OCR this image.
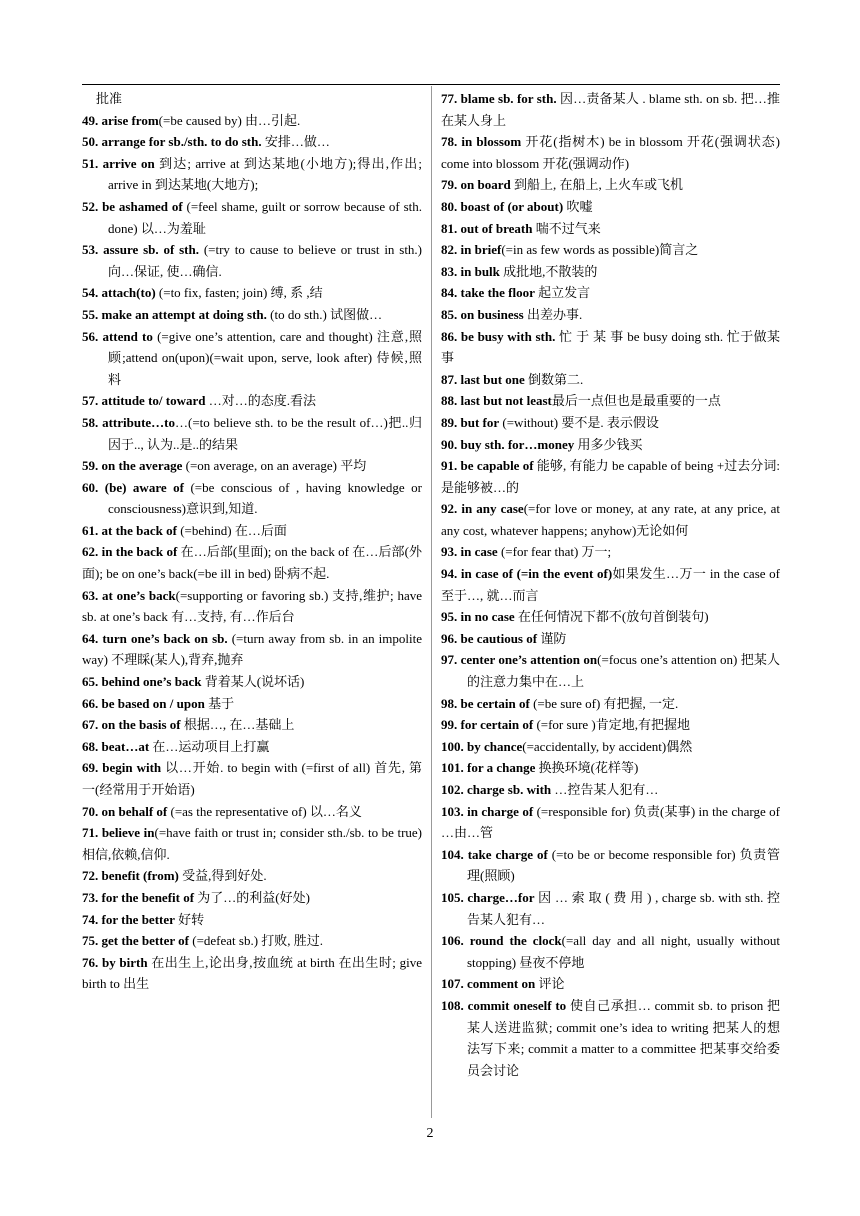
批准
49. arise from(=be caused by) 由…引起.
50. arrange for sb./sth. to do sth. 安排…做…
51. arrive on 到达; arrive at 到达某地(小地方);得出,作出; arrive in 到达某地(大地方);
52. be ashamed of (=feel shame, guilt or sorrow because of sth. done) 以…为羞耻
53. assure sb. of sth. (=try to cause to believe or trust in sth.) 向…保证, 使…确信.
54. attach(to) (=to fix, fasten; join) 缚, 系 ,结
55. make an attempt at doing sth. (to do sth.) 试图做…
56. attend to (=give one’s attention, care and thought) 注意,照顾;attend on(upon)(=wait upon, serve, look after) 侍候,照料
57. attitude to/ toward …对…的态度.看法
58. attribute…to…(=to believe sth. to be the result of…)把..归因于.., 认为..是..的结果
59. on the average (=on average, on an average) 平均
60. (be) aware of (=be conscious of , having knowledge or consciousness)意识到,知道.
61. at the back of (=behind) 在…后面
62. in the back of 在…后部(里面); on the back of 在…后部(外面); be on one’s back(=be ill in bed) 卧病不起.
63. at one’s back(=supporting or favoring sb.) 支持,维护; have sb. at one’s back 有…支持, 有…作后台
64. turn one’s back on sb. (=turn away from sb. in an impolite way) 不理睬(某人),背弃,抛弃
65. behind one’s back 背着某人(说坏话)
66. be based on / upon 基于
67. on the basis of 根据…, 在…基础上
68. beat…at 在…运动项目上打赢
69. begin with 以…开始. to begin with (=first of all) 首先, 第一(经常用于开始语)
70. on behalf of (=as the representative of) 以…名义
71. believe in(=have faith or trust in; consider sth./sb. to be true) 相信,依赖,信仰.
72. benefit (from) 受益,得到好处.
73. for the benefit of 为了…的利益(好处)
74. for the better 好转
75. get the better of (=defeat sb.) 打败, 胜过.
76. by birth 在出生上,论出身,按血统 at birth 在出生时; give birth to 出生
77. blame sb. for sth. 因…责备某人 . blame sth. on sb. 把…推在某人身上
78. in blossom 开花(指树木) be in blossom 开花(强调状态) come into blossom 开花(强调动作)
79. on board 到船上, 在船上, 上火车或飞机
80. boast of (or about) 吹嘘
81. out of breath 喘不过气来
82. in brief(=in as few words as possible)简言之
83. in bulk 成批地,不散装的
84. take the floor 起立发言
85. on business 出差办事.
86. be busy with sth. 忙 于 某 事 be busy doing sth. 忙于做某事
87. last but one 倒数第二.
88. last but not least最后一点但也是最重要的一点
89. but for (=without) 要不是. 表示假设
90. buy sth. for…money 用多少钱买
91. be capable of 能够, 有能力 be capable of being +过去分词:是能够被…的
92. in any case(=for love or money, at any rate, at any price, at any cost, whatever happens; anyhow)无论如何
93. in case (=for fear that) 万一;
94. in case of (=in the event of)如果发生…万一 in the case of 至于…, 就…而言
95. in no case 在任何情况下都不(放句首倒装句)
96. be cautious of 谨防
97. center one’s attention on(=focus one’s attention on) 把某人的注意力集中在…上
98. be certain of (=be sure of) 有把握, 一定.
99. for certain of (=for sure )肯定地,有把握地
100. by chance(=accidentally, by accident)偶然
101. for a change 换换环境(花样等)
102. charge sb. with …控告某人犯有…
103. in charge of (=responsible for) 负责(某事) in the charge of …由…管
104. take charge of (=to be or become responsible for) 负责管理(照顾)
105. charge…for 因 … 索 取 ( 费 用 ) , charge sb. with sth. 控告某人犯有…
106. round the clock(=all day and all night, usually without stopping) 昼夜不停地
107. comment on 评论
108. commit oneself to 使自己承担… commit sb. to prison 把某人送进监狱; commit one’s idea to writing 把某人的想法写下来; commit a matter to a committee 把某事交给委员会讨论
2
